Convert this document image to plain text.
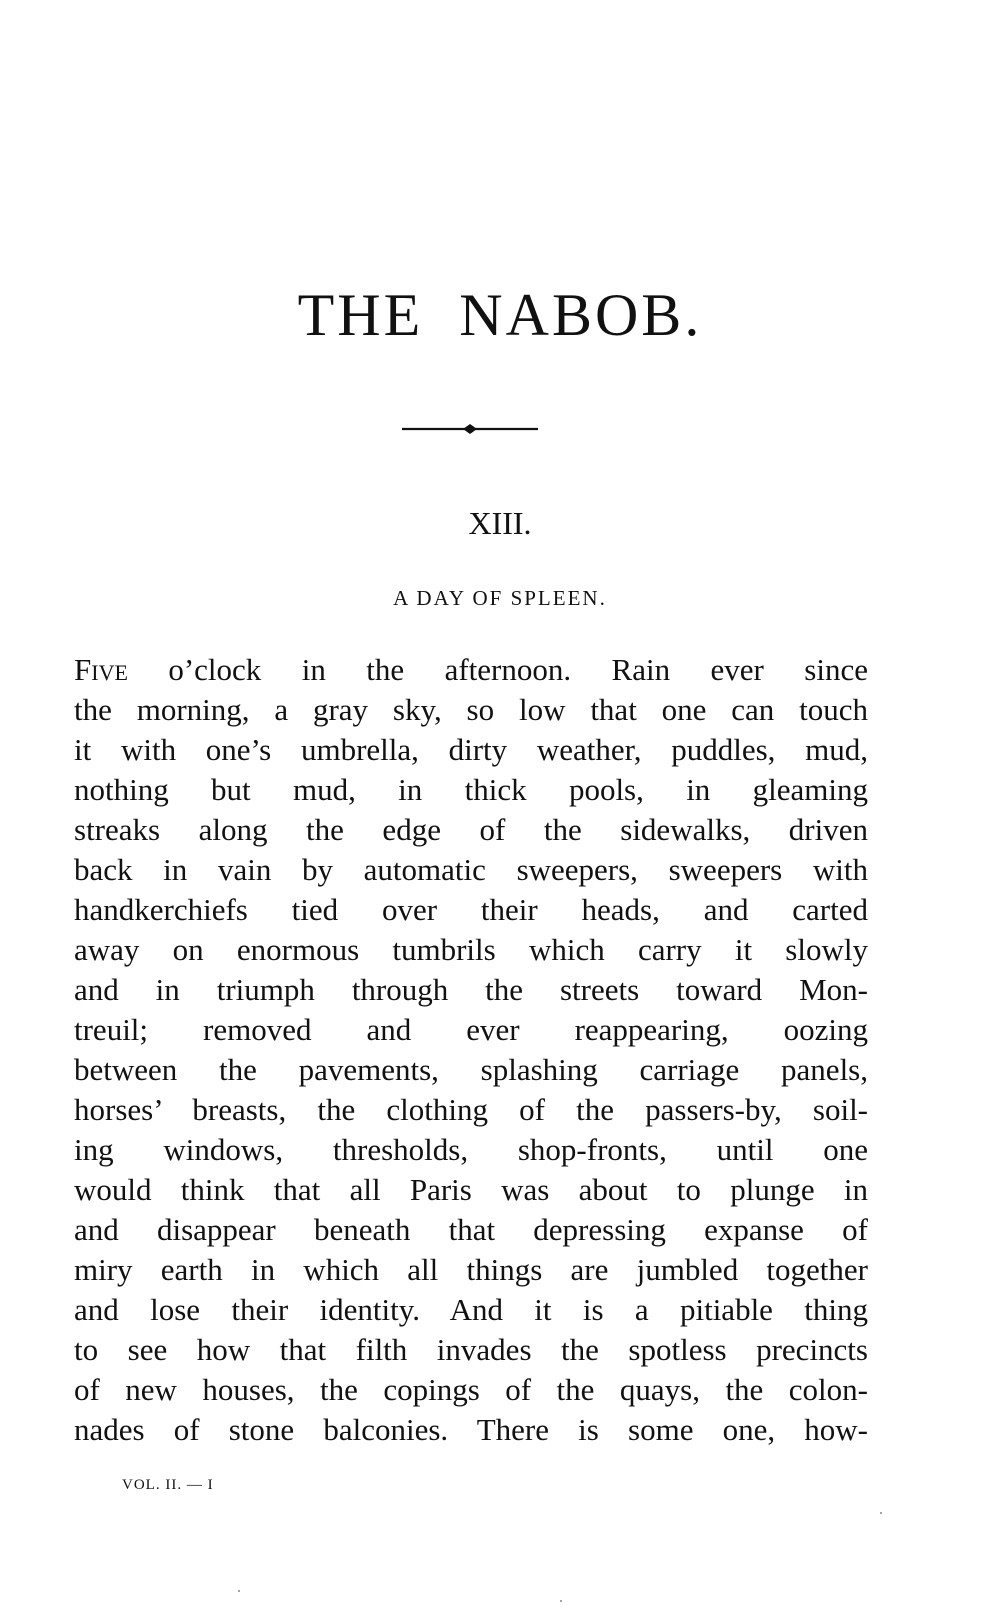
THE  NABOB.
XIII.
A DAY OF SPLEEN.
Five o’clock in the afternoon. Rain ever since
the morning, a gray sky, so low that one can touch
it with one’s umbrella, dirty weather, puddles, mud,
nothing but mud, in thick pools, in gleaming
streaks along the edge of the sidewalks, driven
back in vain by automatic sweepers, sweepers with
handkerchiefs tied over their heads, and carted
away on enormous tumbrils which carry it slowly
and in triumph through the streets toward Mon-
treuil; removed and ever reappearing, oozing
between the pavements, splashing carriage panels,
horses’ breasts, the clothing of the passers-by, soil-
ing windows, thresholds, shop-fronts, until one
would think that all Paris was about to plunge in
and disappear beneath that depressing expanse of
miry earth in which all things are jumbled together
and lose their identity. And it is a pitiable thing
to see how that filth invades the spotless precincts
of new houses, the copings of the quays, the colon-
nades of stone balconies. There is some one, how-
VOL. II. — I
